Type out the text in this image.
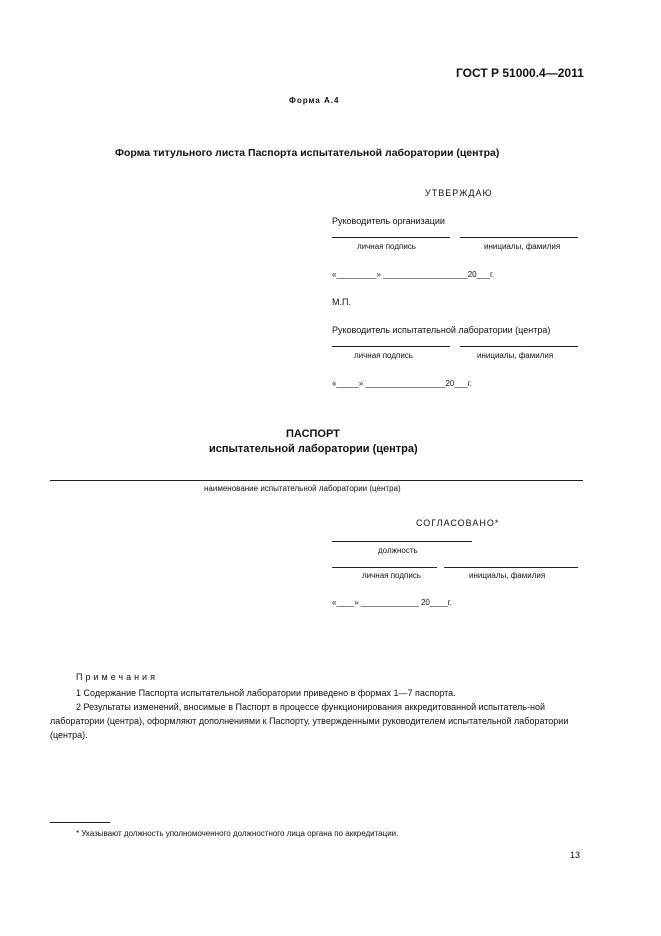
ГОСТ Р 51000.4—2011
Форма А.4
Форма титульного листа Паспорта испытательной лаборатории (центра)
УТВЕРЖДАЮ
Руководитель организации
личная подпись	инициалы, фамилия
«_________» ___________________20___г.
М.П.
Руководитель испытательной лаборатории (центра)
личная подпись	инициалы, фамилия
«_____» __________________20___г.
ПАСПОРТ
испытательной лаборатории (центра)
наименование испытательной лаборатории (центра)
СОГЛАСОВАНО*
должность
личная подпись	инициалы, фамилия
«____» _____________ 20____г.
Примечания
1 Содержание Паспорта испытательной лаборатории приведено в формах 1—7 паспорта.
2 Результаты изменений, вносимые в Паспорт в процессе функционирования аккредитованной испытатель-ной лаборатории (центра), оформляют дополнениями к Паспорту, утвержденными руководителем испытательной лаборатории (центра).
* Указывают должность уполномоченного должностного лица органа по аккредитации.
13
